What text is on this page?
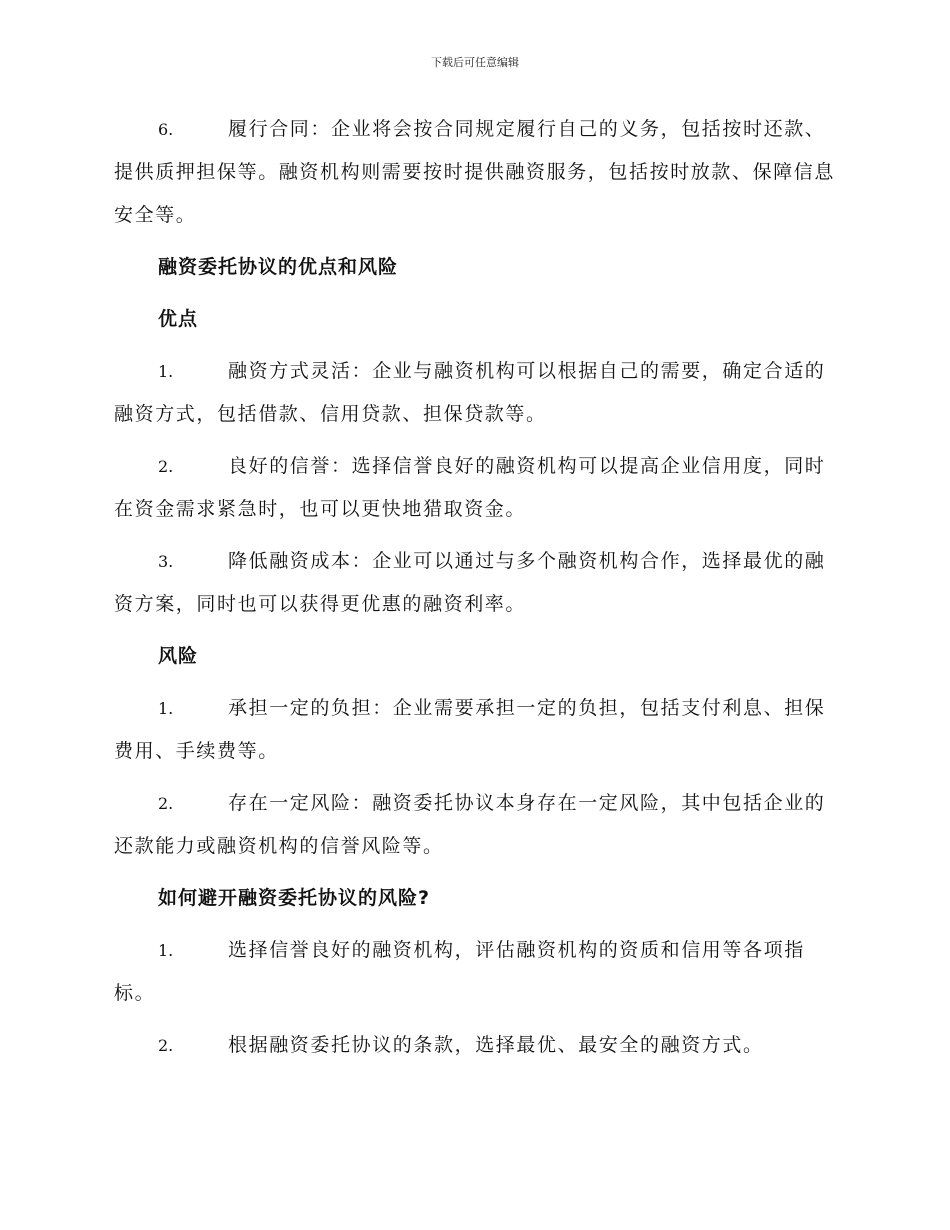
下载后可任意编辑

6.	履行合同：企业将会按合同规定履行自己的义务，包括按时还款、提供质押担保等。融资机构则需要按时提供融资服务，包括按时放款、保障信息安全等。

融资委托协议的优点和风险
优点

1.	融资方式灵活：企业与融资机构可以根据自己的需要，确定合适的融资方式，包括借款、信用贷款、担保贷款等。

2.	良好的信誉：选择信誉良好的融资机构可以提高企业信用度，同时在资金需求紧急时，也可以更快地猎取资金。

3.	降低融资成本：企业可以通过与多个融资机构合作，选择最优的融资方案，同时也可以获得更优惠的融资利率。

风险

1.	承担一定的负担：企业需要承担一定的负担，包括支付利息、担保费用、手续费等。

2.	存在一定风险：融资委托协议本身存在一定风险，其中包括企业的还款能力或融资机构的信誉风险等。

如何避开融资委托协议的风险?

1.	选择信誉良好的融资机构，评估融资机构的资质和信用等各项指标。

2.	根据融资委托协议的条款，选择最优、最安全的融资方式。
